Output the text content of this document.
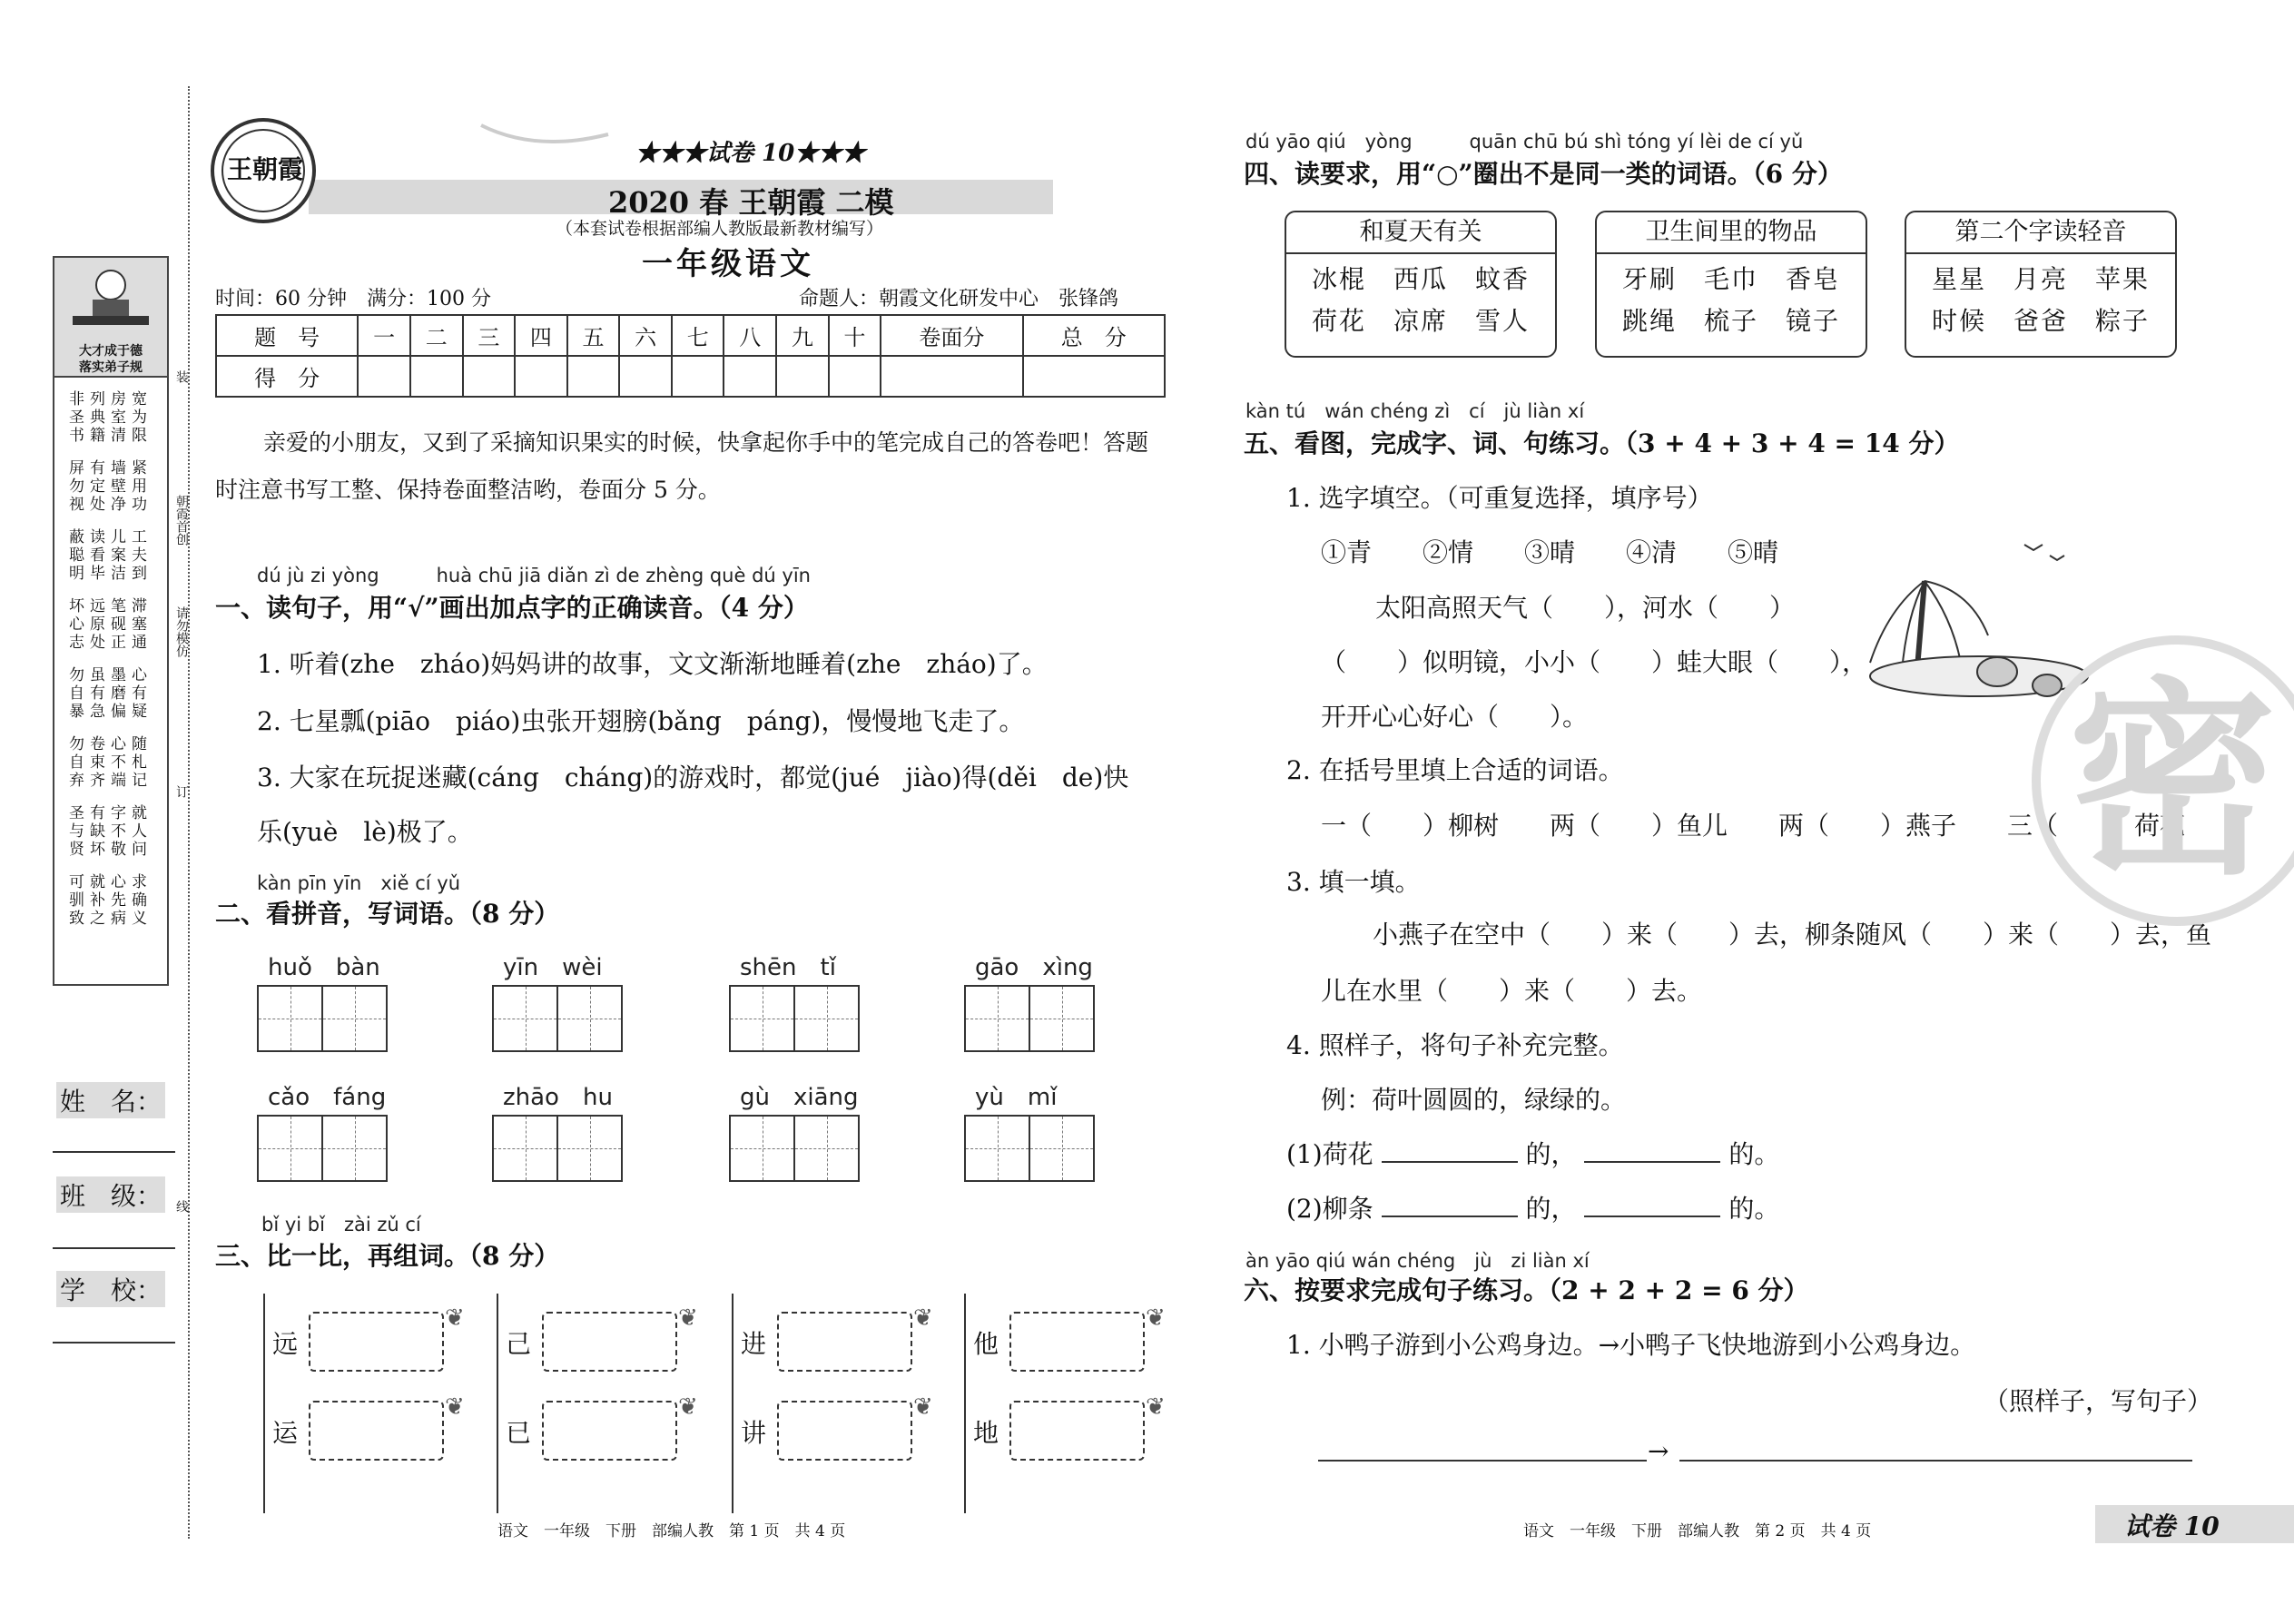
大才成于德
落实弟子规
非列房宽
圣典室为
书籍清限
屏有墙紧
勿定壁用
视处净功
蔽读儿工
聪看案夫
明毕洁到
坏远笔滞
心原砚塞
志处正通
勿虽墨心
自有磨有
暴急偏疑
勿卷心随
自束不札
弃齐端记
圣有字就
与缺不人
贤坏敬问
可就心求
驯补先确
致之病义
装
朝霞首创
请勿模仿
订
线
姓　名：
班　级：
学　校：
王朝霞
★★★试卷 10★★★
2020 春 王朝霞 二模
（本套试卷根据部编人教版最新教材编写）
一年级语文
时间：60 分钟　满分：100 分	命题人：朝霞文化研发中心　张锋鸽
题　号	一	二	三	四	五	六	七	八	九	十	卷面分	总　分
得　分												
亲爱的小朋友，又到了采摘知识果实的时候，快拿起你手中的笔完成自己的答卷吧！答题
时注意书写工整、保持卷面整洁哟，卷面分 5 分。
dú jù zi yòng　　　huà chū jiā diǎn zì de zhèng què dú yīn
一、读句子，用“√”画出加点字的正确读音。（4 分）
1. 听着(zhe　zháo)妈妈讲的故事，文文渐渐地睡着(zhe　zháo)了。
2. 七星瓢(piāo　piáo)虫张开翅膀(bǎng　páng)，慢慢地飞走了。
3. 大家在玩捉迷藏(cáng　cháng)的游戏时，都觉(jué　jiào)得(děi　de)快
乐(yuè　lè)极了。
kàn pīn yīn　xiě cí yǔ
二、看拼音，写词语。（8 分）
huǒ　bàn	yīn　wèi	shēn　tǐ	gāo　xìng
cǎo　fáng	zhāo　hu	gù　xiāng	yù　mǐ
bǐ yi bǐ　zài zǔ cí
三、比一比，再组词。（8 分）
远
❦
运
❦
己
❦
已
❦
进
❦
讲
❦
他
❦
地
❦
语文　一年级　下册　部编人教　第 1 页　共 4 页
dú yāo qiú　yòng　　　quān chū bú shì tóng yí lèi de cí yǔ
四、读要求，用“○”圈出不是同一类的词语。（6 分）
和夏天有关
冰棍　西瓜　蚊香
荷花　凉席　雪人
卫生间里的物品
牙刷　毛巾　香皂
跳绳　梳子　镜子
第二个字读轻音
星星　月亮　苹果
时候　爸爸　粽子
kàn tú　wán chéng zì　cí　jù liàn xí
五、看图，完成字、词、句练习。（3 + 4 + 3 + 4 = 14 分）
1. 选字填空。（可重复选择，填序号）
①青　　②情　　③晴　　④清　　⑤晴
太阳高照天气（　　），河水（　　）
（　　）似明镜，小小（　　）蛙大眼（　　），
开开心心好心（　　）。
2. 在括号里填上合适的词语。
一（　　）柳树　　两（　　）鱼儿　　两（　　）燕子　　三（　　）荷花
3. 填一填。
小燕子在空中（　　）来（　　）去，柳条随风（　　）来（　　）去，鱼
儿在水里（　　）来（　　）去。
4. 照样子，将句子补充完整。
例：荷叶圆圆的，绿绿的。
(1)荷花	的，	的。
(2)柳条	的，	的。
àn yāo qiú wán chéng　jù　zi liàn xí
六、按要求完成句子练习。（2 + 2 + 2 = 6 分）
1. 小鸭子游到小公鸡身边。→小鸭子飞快地游到小公鸡身边。
（照样子，写句子）
→
密
语文　一年级　下册　部编人教　第 2 页　共 4 页	试卷 10
